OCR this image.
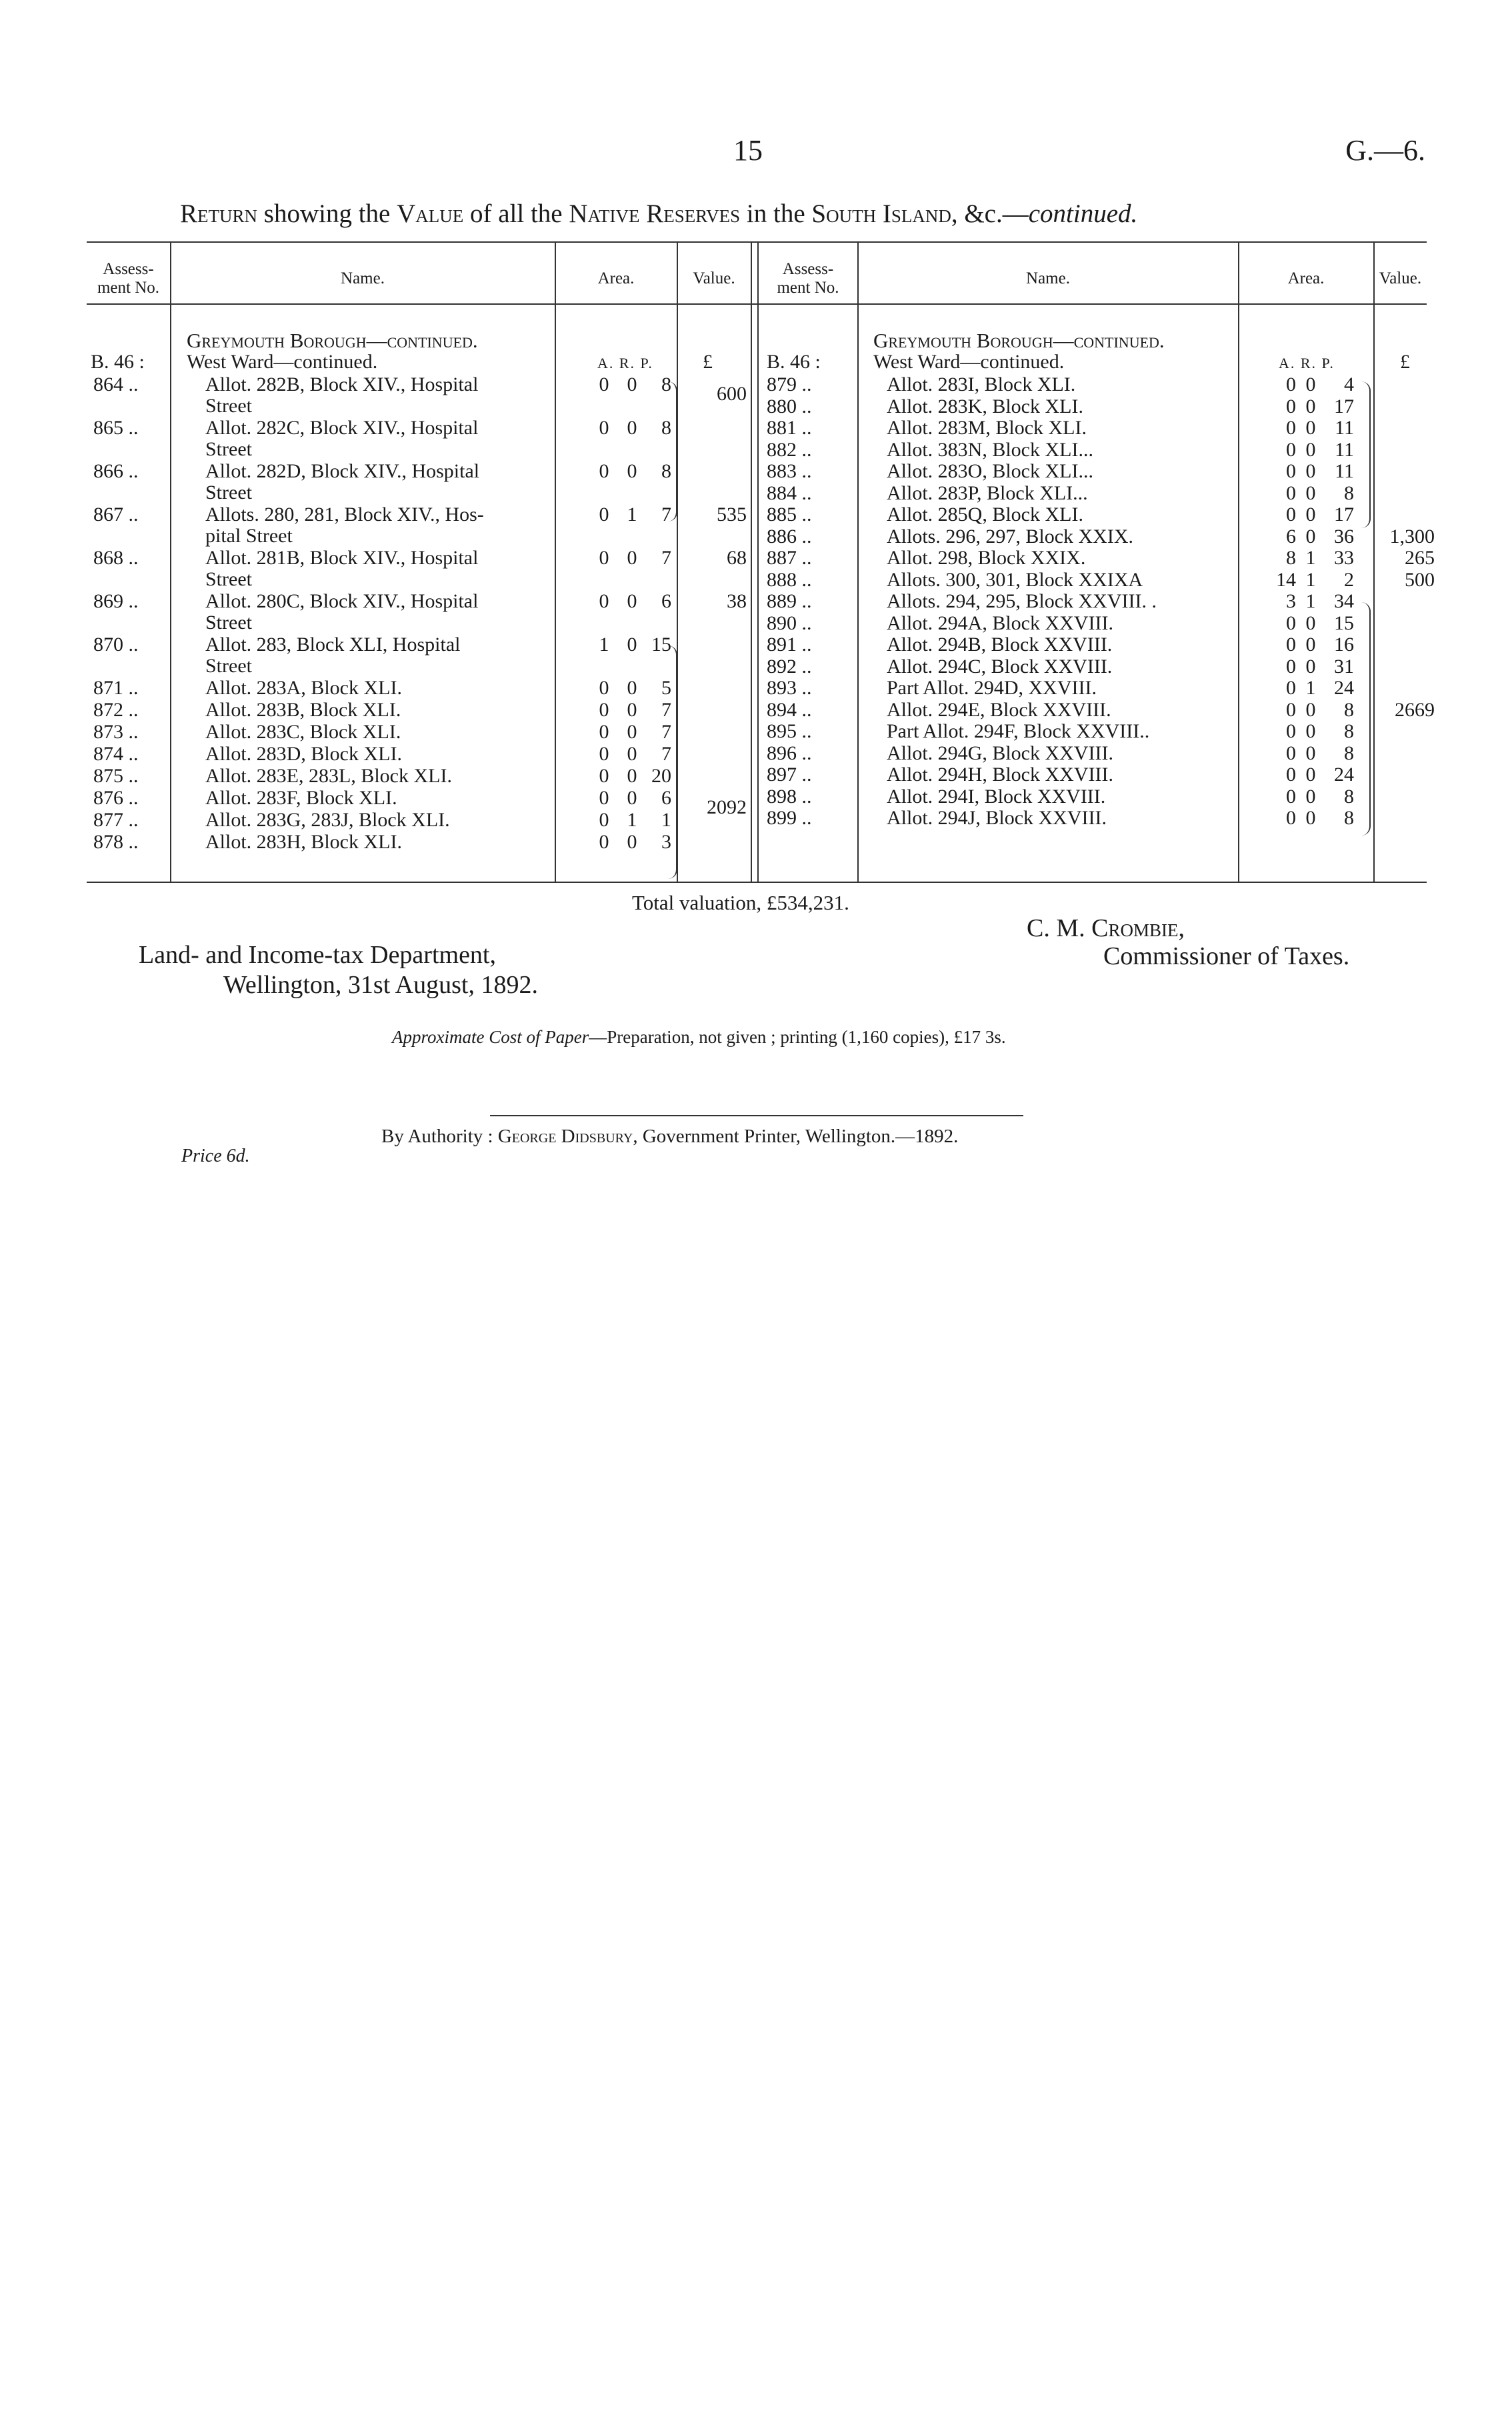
15	G.—6.
Return showing the Value of all the Native Reserves in the South Island, &c.—continued.
Assess-
ment No.
Name.	Area.	Value.
Assess-
ment No.
Name.	Area.	Value.
Greymouth Borough—continued.
B. 46 : West Ward—continued.	A. R. P. £
864 ..	Allot. 282B, Block XIV., Hospital	0 0	8	600
Street
865 ..	Allot. 282C, Block XIV., Hospital	0 0	8
Street
866 ..	Allot. 282D, Block XIV., Hospital	0 0	8
Street
867 ..	Allots. 280, 281, Block XIV., Hos-	0 1	7	535
pital Street
868 ..	Allot. 281B, Block XIV., Hospital	0 0	7	68
Street
869 ..	Allot. 280C, Block XIV., Hospital	0 0	6	38
Street
870 ..	Allot. 283, Block XLI, Hospital	1 0 15
Street
871 ..	Allot. 283A, Block XLI.	0 0	5
872 ..	Allot. 283B, Block XLI.	0 0	7
873 ..	Allot. 283C, Block XLI.	0 0	7
874 ..	Allot. 283D, Block XLI.	0 0	7
875 ..	Allot. 283E, 283L, Block XLI.	0 0 20
876 ..	Allot. 283F, Block XLI.	0 0	6	2092
877 ..	Allot. 283G, 283J, Block XLI.	0 1	1
878 ..	Allot. 283H, Block XLI.	0 0	3
Greymouth Borough—continued.
B. 46 :	West Ward—continued.	A. R. P.	£
879 ..	Allot. 283I, Block XLI.	0 0	4
880 ..	Allot. 283K, Block XLI.	0 0 17
881 ..	Allot. 283M, Block XLI.	0 0 11
882 ..	Allot. 383N, Block XLI...	0 0 11
883 ..	Allot. 283O, Block XLI...	0 0 11
884 ..	Allot. 283P, Block XLI...	0 0	8
885 ..	Allot. 285Q, Block XLI.	0 0 17
886 ..	Allots. 296, 297, Block XXIX.	6 0 36	1,300
887 ..	Allot. 298, Block XXIX.	8 1 33	265
888 ..	Allots. 300, 301, Block XXIXA	14 1	2	500
889 ..	Allots. 294, 295, Block XXVIII. .	3 1 34
890 ..	Allot. 294A, Block XXVIII.	0 0 15
891 ..	Allot. 294B, Block XXVIII.	0 0 16
892 ..	Allot. 294C, Block XXVIII.	0 0 31
893 ..	Part Allot. 294D, XXVIII.	0 1 24
894 ..	Allot. 294E, Block XXVIII.	0 0	8	2669
895 ..	Part Allot. 294F, Block XXVIII..	0 0	8
896 ..	Allot. 294G, Block XXVIII.	0 0	8
897 ..	Allot. 294H, Block XXVIII.	0 0 24
898 ..	Allot. 294I, Block XXVIII.	0 0	8
899 ..	Allot. 294J, Block XXVIII.	0 0	8
Total valuation, £534,231.
Land- and Income-tax Department,
Wellington, 31st August, 1892.
C. M. Crombie,
Commissioner of Taxes.
Approximate Cost of Paper—Preparation, not given ; printing (1,160 copies), £17 3s.
Price 6d.
By Authority : George Didsbury, Government Printer, Wellington.—1892.
